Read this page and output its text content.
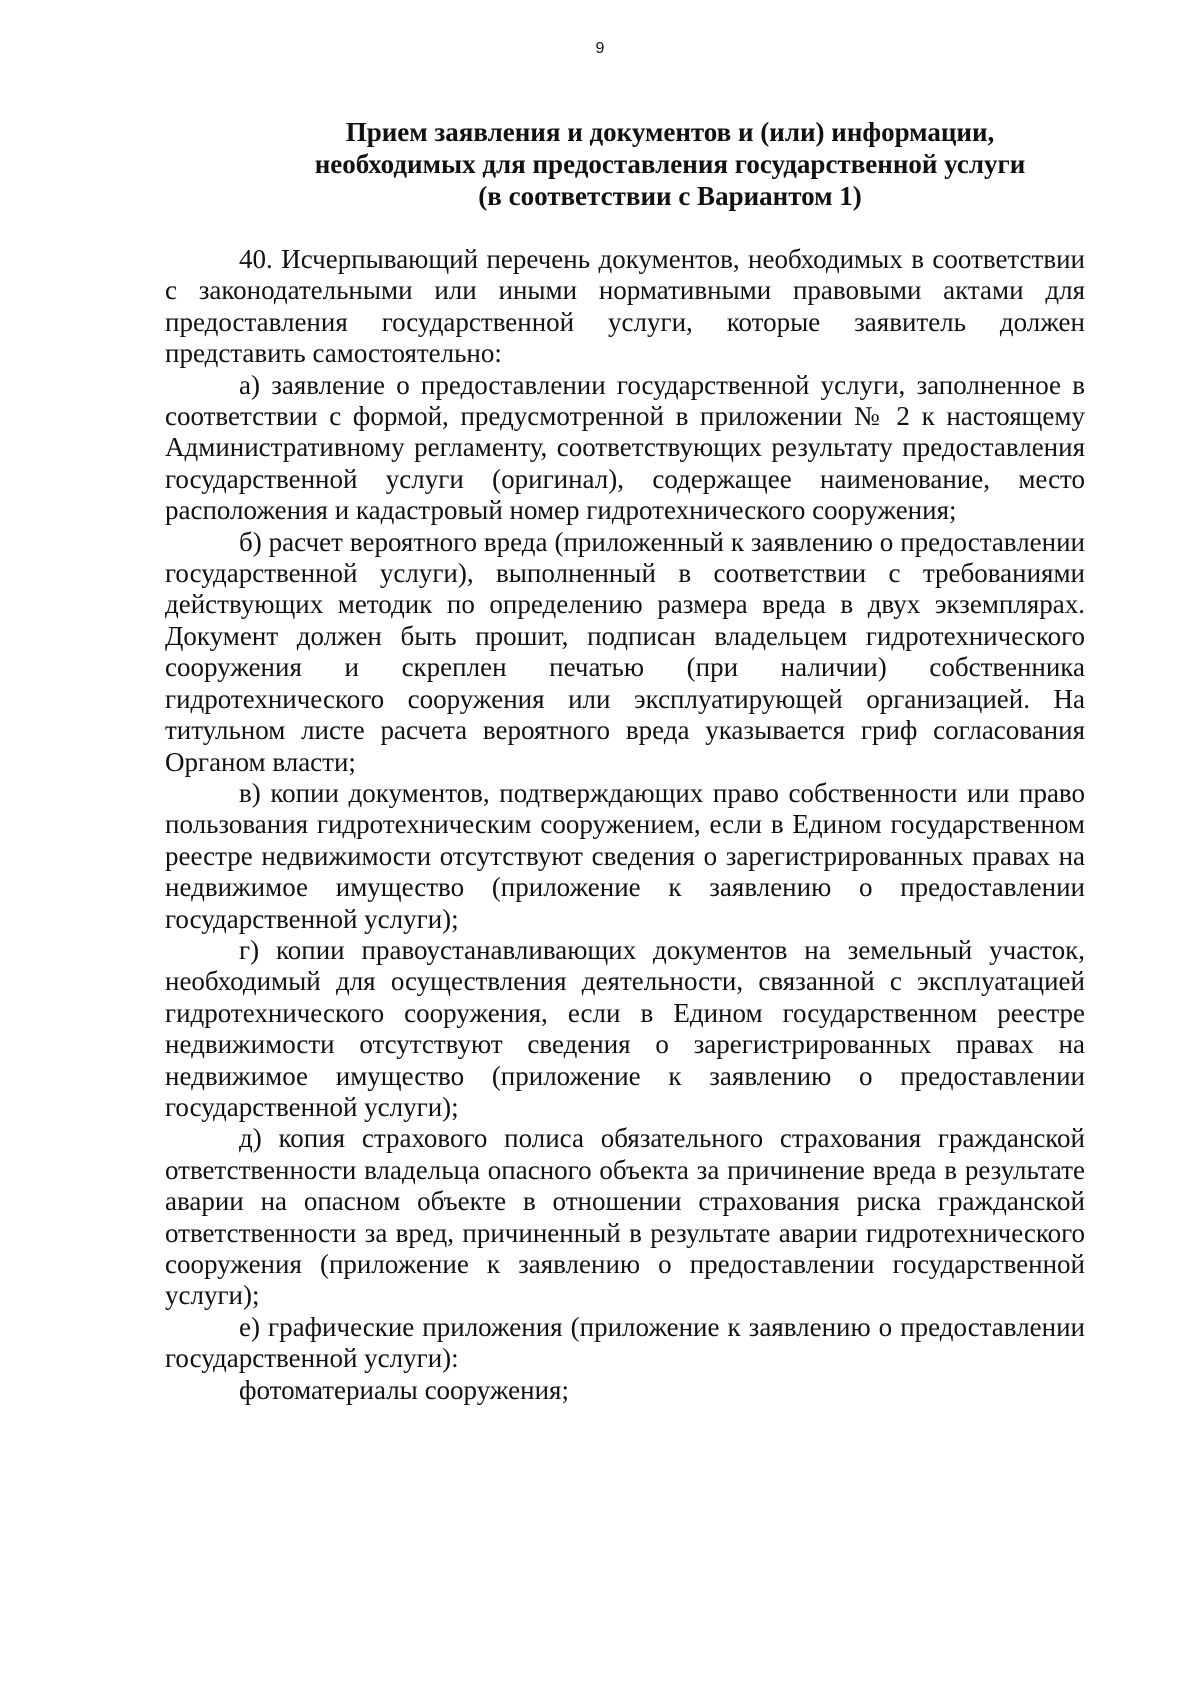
9
Прием заявления и документов и (или) информации,
необходимых для предоставления государственной услуги
(в соответствии с Вариантом 1)

40. Исчерпывающий перечень документов, необходимых в соответствии с законодательными или иными нормативными правовыми актами для предоставления государственной услуги, которые заявитель должен представить самостоятельно:

а) заявление о предоставлении государственной услуги, заполненное в соответствии с формой, предусмотренной в приложении № 2 к настоящему Административному регламенту, соответствующих результату предоставления государственной услуги (оригинал), содержащее наименование, место расположения и кадастровый номер гидротехнического сооружения;

б) расчет вероятного вреда (приложенный к заявлению о предоставлении государственной услуги), выполненный в соответствии с требованиями действующих методик по определению размера вреда в двух экземплярах. Документ должен быть прошит, подписан владельцем гидротехнического сооружения и скреплен печатью (при наличии) собственника гидротехнического сооружения или эксплуатирующей организацией. На титульном листе расчета вероятного вреда указывается гриф согласования Органом власти;

в) копии документов, подтверждающих право собственности или право пользования гидротехническим сооружением, если в Едином государственном реестре недвижимости отсутствуют сведения о зарегистрированных правах на недвижимое имущество (приложение к заявлению о предоставлении государственной услуги);

г) копии правоустанавливающих документов на земельный участок, необходимый для осуществления деятельности, связанной с эксплуатацией гидротехнического сооружения, если в Едином государственном реестре недвижимости отсутствуют сведения о зарегистрированных правах на недвижимое имущество (приложение к заявлению о предоставлении государственной услуги);

д) копия страхового полиса обязательного страхования гражданской ответственности владельца опасного объекта за причинение вреда в результате аварии на опасном объекте в отношении страхования риска гражданской ответственности за вред, причиненный в результате аварии гидротехнического сооружения (приложение к заявлению о предоставлении государственной услуги);

е) графические приложения (приложение к заявлению о предоставлении государственной услуги):

фотоматериалы сооружения;
